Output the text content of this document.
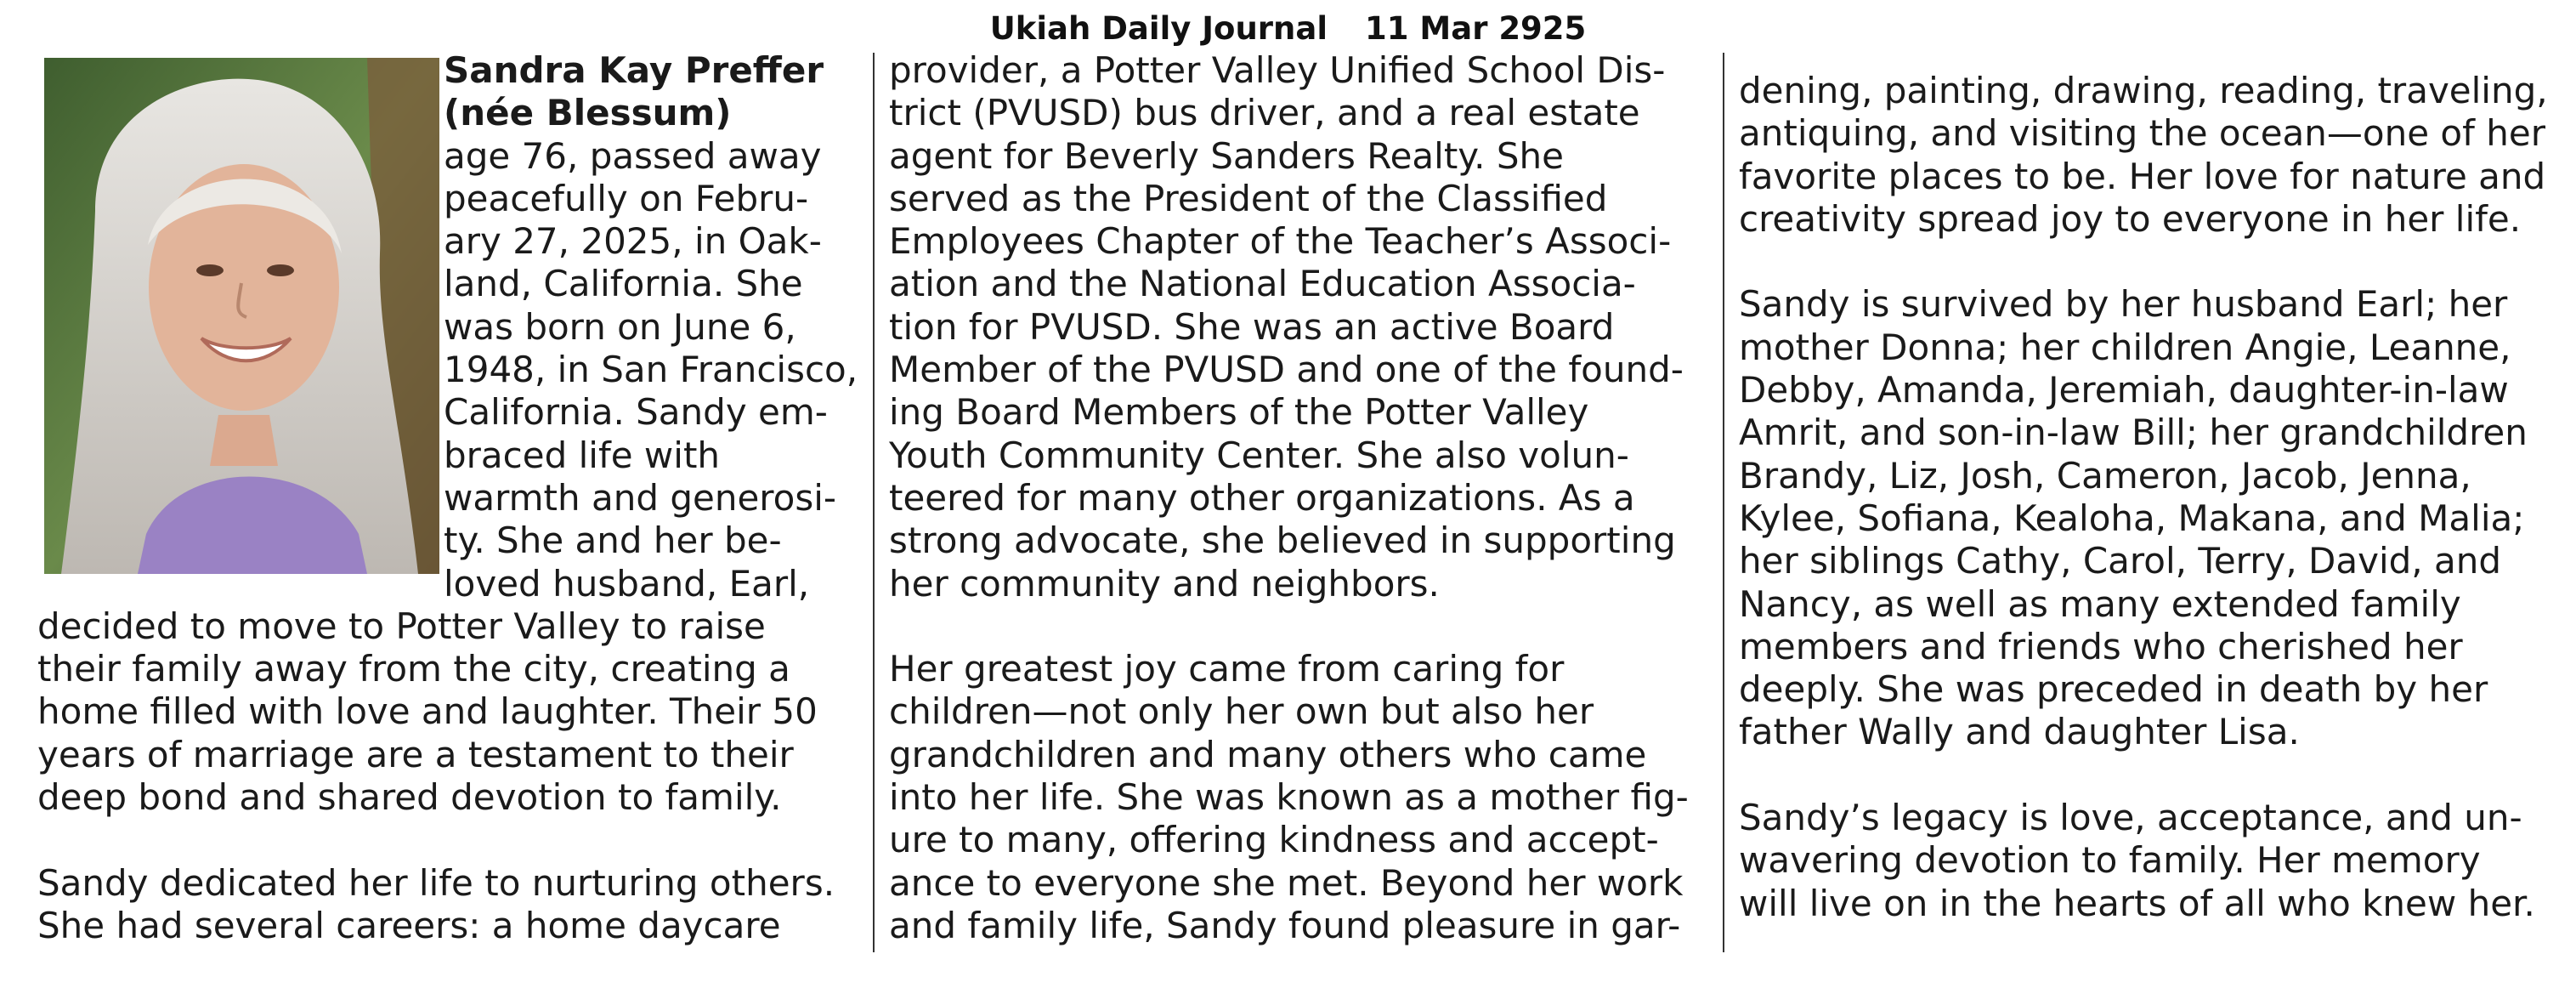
Ukiah Daily Journal 11 Mar 2925
Sandra Kay Preffer
(née Blessum)
age 76, passed away
peacefully on Febru-
ary 27, 2025, in Oak-
land, California. She
was born on June 6,
1948, in San Francisco,
California. Sandy em-
braced life with
warmth and generosi-
ty. She and her be-
loved husband, Earl,
decided to move to Potter Valley to raise
their family away from the city, creating a
home filled with love and laughter. Their 50
years of marriage are a testament to their
deep bond and shared devotion to family.
Sandy dedicated her life to nurturing others.
She had several careers: a home daycare
provider, a Potter Valley Unified School Dis-
trict (PVUSD) bus driver, and a real estate
agent for Beverly Sanders Realty. She
served as the President of the Classified
Employees Chapter of the Teacher’s Associ-
ation and the National Education Associa-
tion for PVUSD. She was an active Board
Member of the PVUSD and one of the found-
ing Board Members of the Potter Valley
Youth Community Center. She also volun-
teered for many other organizations. As a
strong advocate, she believed in supporting
her community and neighbors.
Her greatest joy came from caring for
children—not only her own but also her
grandchildren and many others who came
into her life. She was known as a mother fig-
ure to many, offering kindness and accept-
ance to everyone she met. Beyond her work
and family life, Sandy found pleasure in gar-
dening, painting, drawing, reading, traveling,
antiquing, and visiting the ocean—one of her
favorite places to be. Her love for nature and
creativity spread joy to everyone in her life.
Sandy is survived by her husband Earl; her
mother Donna; her children Angie, Leanne,
Debby, Amanda, Jeremiah, daughter-in-law
Amrit, and son-in-law Bill; her grandchildren
Brandy, Liz, Josh, Cameron, Jacob, Jenna,
Kylee, Sofiana, Kealoha, Makana, and Malia;
her siblings Cathy, Carol, Terry, David, and
Nancy, as well as many extended family
members and friends who cherished her
deeply. She was preceded in death by her
father Wally and daughter Lisa.
Sandy’s legacy is love, acceptance, and un-
wavering devotion to family. Her memory
will live on in the hearts of all who knew her.
